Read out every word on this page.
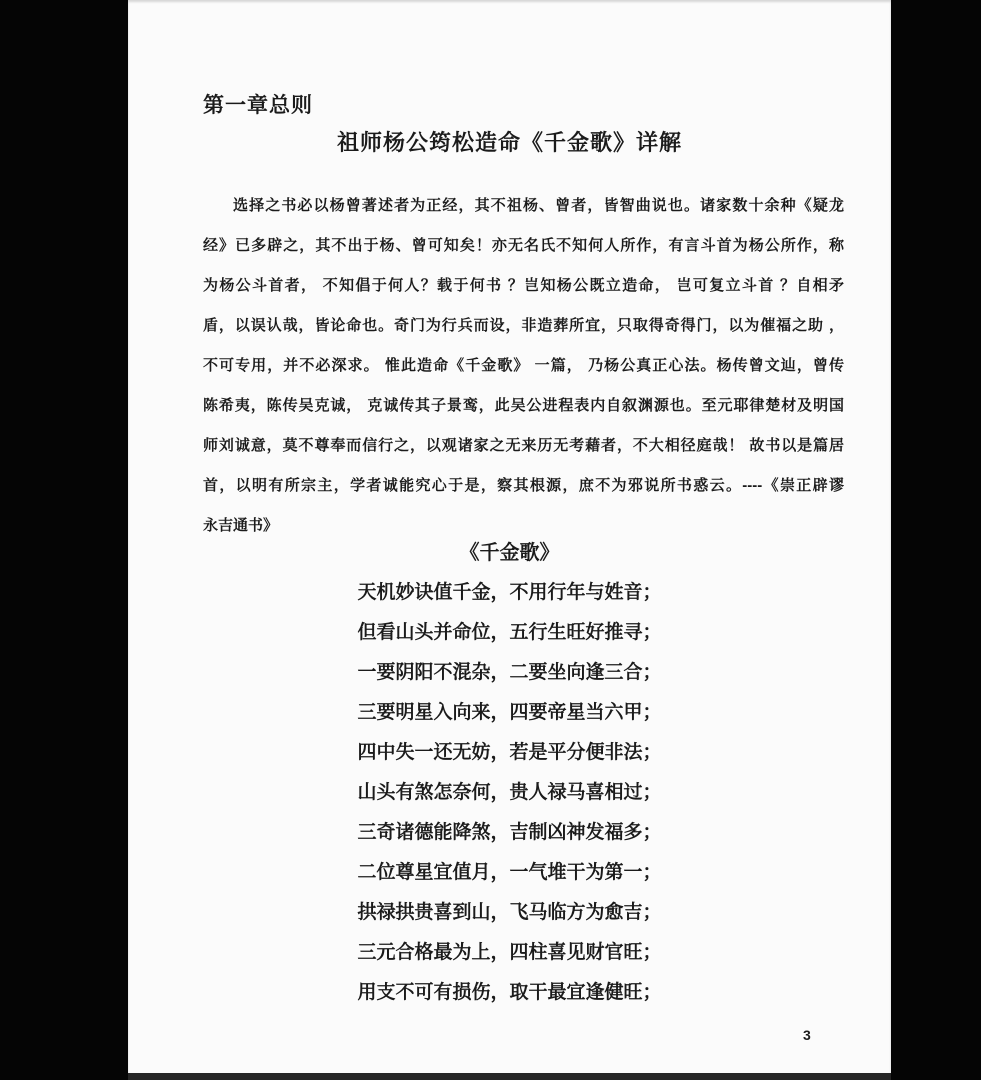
第一章总则
祖师杨公筠松造命《千金歌》详解
选择之书必以杨曾著述者为正经，其不祖杨、曾者，皆智曲说也。诸家数十余种《疑龙
经》已多辟之，其不出于杨、曾可知矣！亦无名氏不知何人所作，有言斗首为杨公所作，称
为杨公斗首者， 不知倡于何人？载于何书 ？岂知杨公既立造命， 岂可复立斗首 ？自相矛
盾，以误认哉，皆论命也。奇门为行兵而设，非造葬所宜，只取得奇得门，以为催福之助 ，
不可专用，并不必深求。 惟此造命《千金歌》 一篇， 乃杨公真正心法。杨传曾文辿，曾传
陈希夷，陈传吴克诚， 克诚传其子景鸾，此吴公进程表内自叙渊源也。至元耶律楚材及明国
师刘诚意，莫不尊奉而信行之，以观诸家之无来历无考藉者，不大相径庭哉！ 故书以是篇居
首，以明有所宗主，学者诚能究心于是，察其根源，庶不为邪说所书惑云。----《崇正辟谬
永吉通书》
《千金歌》
天机妙诀值千金，不用行年与姓音；
但看山头并命位，五行生旺好推寻；
一要阴阳不混杂，二要坐向逢三合；
三要明星入向来，四要帝星当六甲；
四中失一还无妨，若是平分便非法；
山头有煞怎奈何，贵人禄马喜相过；
三奇诸德能降煞，吉制凶神发福多；
二位尊星宜值月，一气堆干为第一；
拱禄拱贵喜到山，飞马临方为愈吉；
三元合格最为上，四柱喜见财官旺；
用支不可有损伤，取干最宜逢健旺；
3
